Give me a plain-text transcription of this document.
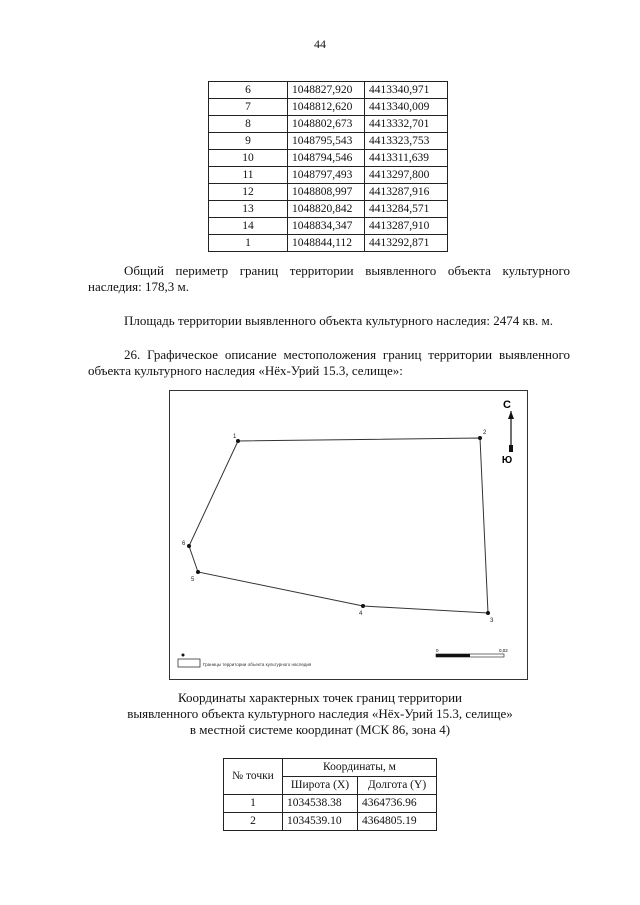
44
6	1048827,920	4413340,971
7	1048812,620	4413340,009
8	1048802,673	4413332,701
9	1048795,543	4413323,753
10	1048794,546	4413311,639
11	1048797,493	4413297,800
12	1048808,997	4413287,916
13	1048820,842	4413284,571
14	1048834,347	4413287,910
1	1048844,112	4413292,871

Общий периметр границ территории выявленного объекта культурного наследия: 178,3 м.

Площадь территории выявленного объекта культурного наследия: 2474 кв. м.

26. Графическое описание местоположения границ территории выявленного объекта культурного наследия «Нёх-Урий 15.3, селище»:

1
2
3
4
5
6
С
Ю
Границы территории объекта культурного наследия
0	0,02
Координаты характерных точек границ территории
выявленного объекта культурного наследия «Нёх-Урий 15.3, селище»
в местной системе координат (МСК 86, зона 4)
№ точки	Координаты, м	
	Широта (X)	Долгота (Y)
1	1034538.38	4364736.96
2	1034539.10	4364805.19
